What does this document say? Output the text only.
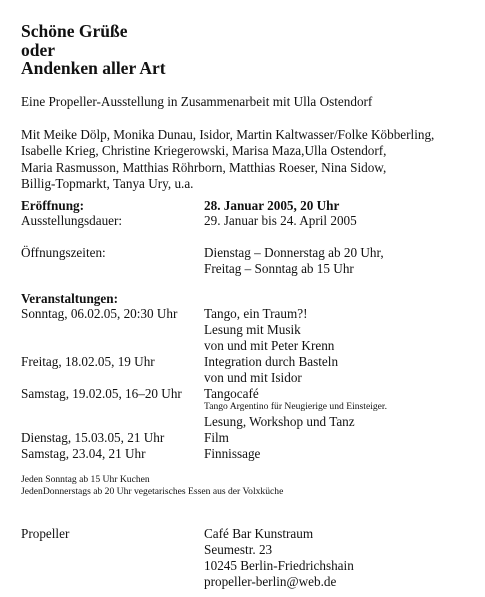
Schöne Grüße
oder
Andenken aller Art

Eine Propeller-Ausstellung in Zusammenarbeit mit Ulla Ostendorf

Mit Meike Dölp, Monika Dunau, Isidor, Martin Kaltwasser/Folke Köbberling,
Isabelle Krieg, Christine Kriegerowski, Marisa Maza,Ulla Ostendorf,
Maria Rasmusson, Matthias Röhrborn, Matthias Roeser, Nina Sidow,
Billig-Topmarkt, Tanya Ury, u.a.
Eröffnung:	28. Januar 2005, 20 Uhr
Ausstellungsdauer:	29. Januar bis 24. April 2005
Öffnungszeiten:	Dienstag – Donnerstag ab 20 Uhr,
Freitag – Sonntag ab 15 Uhr
Veranstaltungen:
Sonntag, 06.02.05, 20:30 Uhr Tango, ein Traum?!
Lesung mit Musik
von und mit Peter Krenn
Freitag, 18.02.05, 19 Uhr	Integration durch Basteln
von und mit Isidor
Samstag, 19.02.05, 16–20 Uhr Tangocafé
Tango Argentino für Neugierige und Einsteiger.
Lesung, Workshop und Tanz
Dienstag, 15.03.05, 21 Uhr	Film
Samstag, 23.04, 21 Uhr	Finnissage
Jeden Sonntag ab 15 Uhr Kuchen
JedenDonnerstags ab 20 Uhr vegetarisches Essen aus der Volxküche
Propeller	Café Bar Kunstraum
Seumestr. 23
10245 Berlin-Friedrichshain
propeller-berlin@web.de
